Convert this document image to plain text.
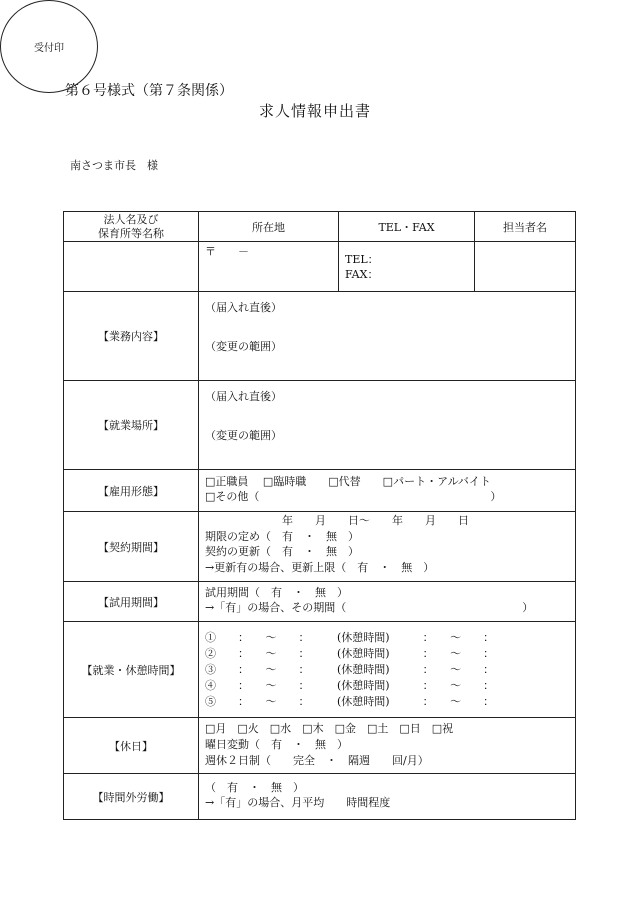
第６号様式（第７条関係）
求人情報申出書
南さつま市長　様
受付印
法人名及び
保育所等名称	所在地	TEL・FAX	担当者名

	〒　　－	TEL：
FAX：	

【業務内容】	（届入れ直後）
（変更の範囲）		

【就業場所】	（届入れ直後）
（変更の範囲）		

【雇用形態】	□正職員　 □臨時職　　□代替　　□パート・アルバイト
□その他（　　　　　　　　　　　　　　　　　　　　　）		

【契約期間】	　　　　　　　年　　月　　日～　　年　　月　　日
期限の定め（　有　・　無　）
契約の更新（　有　・　無　）
→更新有の場合、更新上限（　有　・　無　）		

【試用期間】	試用期間（　有　・　無　）
→「有」の場合、その期間（　　　　　　　　　　　　　　　　）		

【就業・休憩時間】	①　　：　　～　　：　　　(休憩時間)　　　：　　～　　：
②　　：　　～　　：　　　(休憩時間)　　　：　　～　　：
③　　：　　～　　：　　　(休憩時間)　　　：　　～　　：
④　　：　　～　　：　　　(休憩時間)　　　：　　～　　：
⑤　　：　　～　　：　　　(休憩時間)　　　：　　～　　：		

【休日】	□月　□火　□水　□木　□金　□土　□日　□祝
曜日変動（　有　・　無　）
週休２日制（　　完全　・　隔週　　回/月）		

【時間外労働】	（　有　・　無　）
→「有」の場合、月平均　　時間程度		
